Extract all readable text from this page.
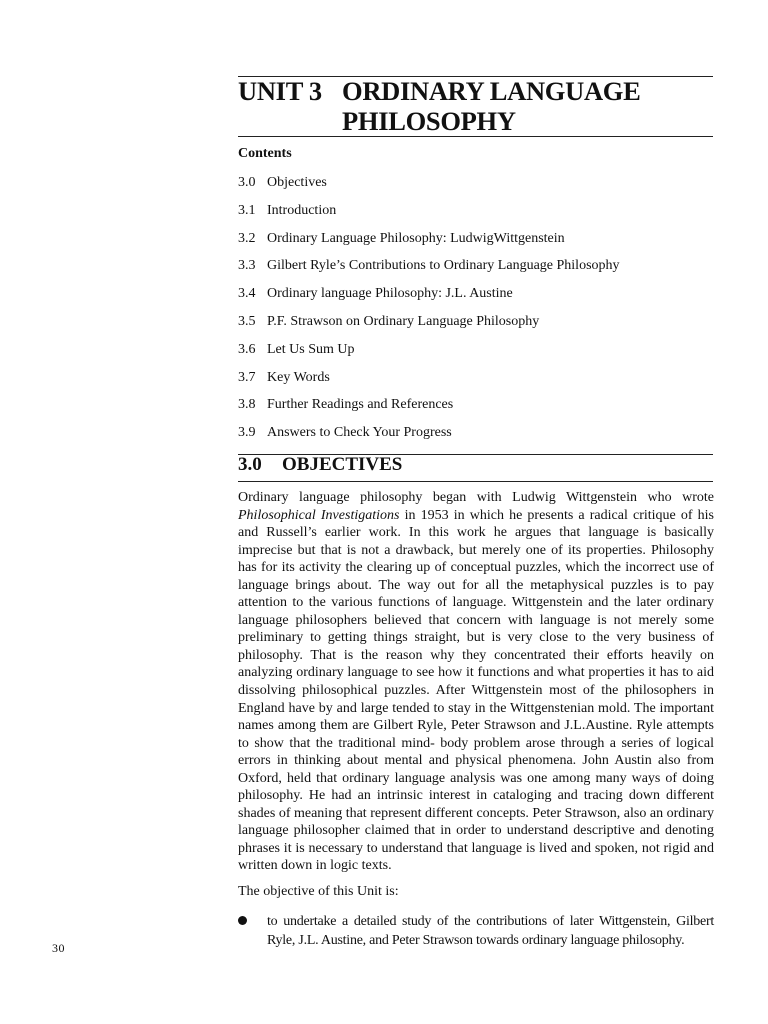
UNIT 3 ORDINARY LANGUAGE
PHILOSOPHY
Contents
3.0 Objectives
3.1 Introduction
3.2 Ordinary Language Philosophy: LudwigWittgenstein
3.3 Gilbert Ryle’s Contributions to Ordinary Language Philosophy
3.4 Ordinary language Philosophy: J.L. Austine
3.5 P.F. Strawson on Ordinary Language Philosophy
3.6 Let Us Sum Up
3.7 Key Words
3.8 Further Readings and References
3.9 Answers to Check Your Progress
3.0 OBJECTIVES

Ordinary language philosophy began with Ludwig Wittgenstein who wrote Philosophical Investigations in 1953 in which he presents a radical critique of his and Russell’s earlier work. In this work he argues that language is basically imprecise but that is not a drawback, but merely one of its properties. Philosophy has for its activity the clearing up of conceptual puzzles, which the incorrect use of language brings about. The way out for all the metaphysical puzzles is to pay attention to the various functions of language. Wittgenstein and the later ordinary language philosophers believed that concern with language is not merely some preliminary to getting things straight, but is very close to the very business of philosophy. That is the reason why they concentrated their efforts heavily on analyzing ordinary language to see how it functions and what properties it has to aid dissolving philosophical puzzles. After Wittgenstein most of the philosophers in England have by and large tended to stay in the Wittgenstenian mold. The important names among them are Gilbert Ryle, Peter Strawson and J.L.Austine. Ryle attempts to show that the traditional mind- body problem arose through a series of logical errors in thinking about mental and physical phenomena. John Austin also from Oxford, held that ordinary language analysis was one among many ways of doing philosophy. He had an intrinsic interest in cataloging and tracing down different shades of meaning that represent different concepts. Peter Strawson, also an ordinary language philosopher claimed that in order to understand descriptive and denoting phrases it is necessary to understand that language is lived and spoken, not rigid and written down in logic texts.

The objective of this Unit is:
to undertake a detailed study of the contributions of later Wittgenstein, Gilbert Ryle, J.L. Austine, and Peter Strawson towards ordinary language philosophy.
30
